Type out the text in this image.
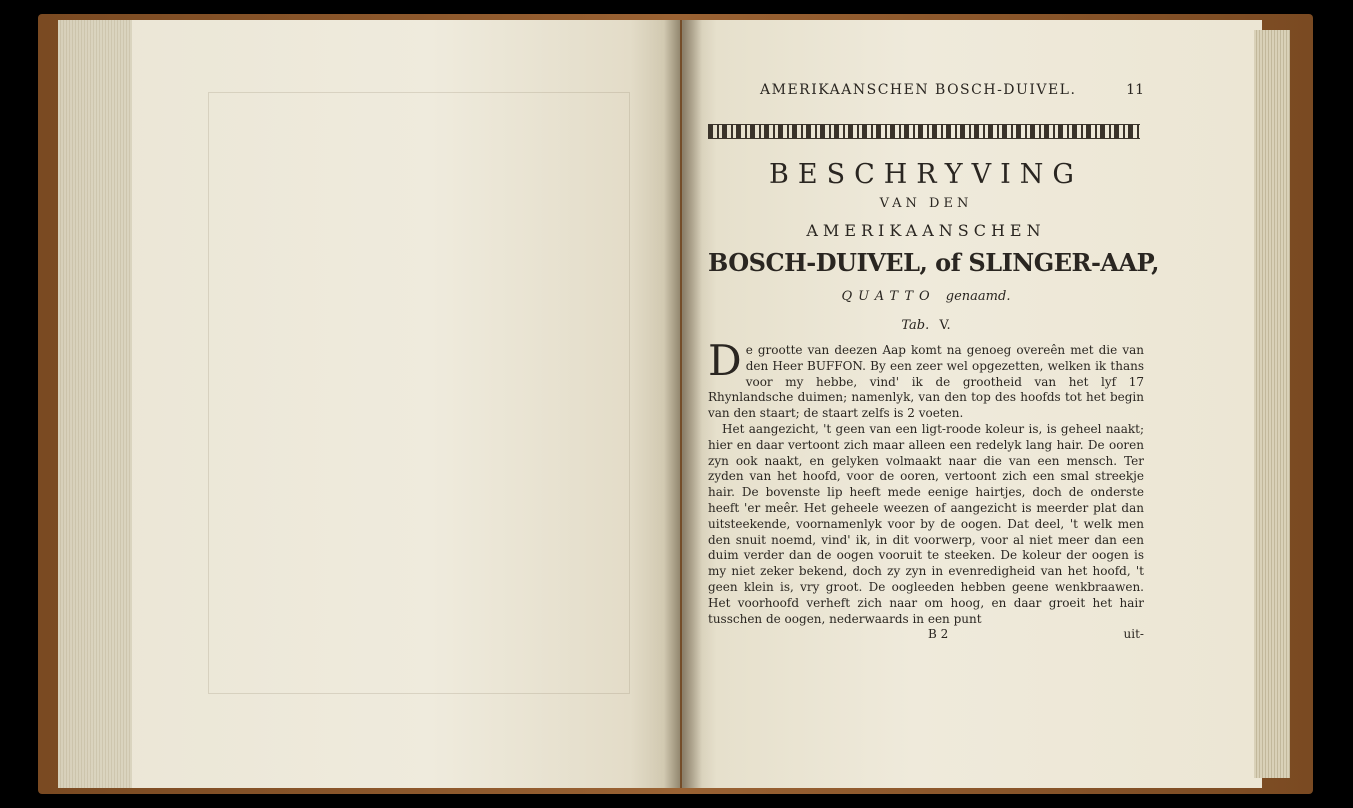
AMERIKAANSCHEN BOSCH-DUIVEL.	11
BESCHRYVING
VAN DEN
AMERIKAANSCHEN
BOSCH-DUIVEL, of SLINGER-AAP,
QUATTO genaamd.
Tab. V.

De grootte van deezen Aap komt na genoeg overeên met die van den Heer BUFFON. By een zeer wel opgezetten, welken ik thans voor my hebbe, vind' ik de grootheid van het lyf 17 Rhynlandsche duimen; namenlyk, van den top des hoofds tot het begin van den staart; de staart zelfs is 2 voeten.

Het aangezicht, 't geen van een ligt-roode koleur is, is geheel naakt; hier en daar vertoont zich maar alleen een redelyk lang hair. De ooren zyn ook naakt, en gelyken volmaakt naar die van een mensch. Ter zyden van het hoofd, voor de ooren, vertoont zich een smal streekje hair. De bovenste lip heeft mede eenige hairtjes, doch de onderste heeft 'er meêr. Het geheele weezen of aangezicht is meerder plat dan uitsteekende, voornamenlyk voor by de oogen. Dat deel, 't welk men den snuit noemd, vind' ik, in dit voorwerp, voor al niet meer dan een duim verder dan de oogen vooruit te steeken. De koleur der oogen is my niet zeker bekend, doch zy zyn in evenredigheid van het hoofd, 't geen klein is, vry groot. De oogleeden hebben geene wenkbraawen. Het voorhoofd verheft zich naar om hoog, en daar groeit het hair tusschen de oogen, nederwaards in een punt

B 2	uit-
